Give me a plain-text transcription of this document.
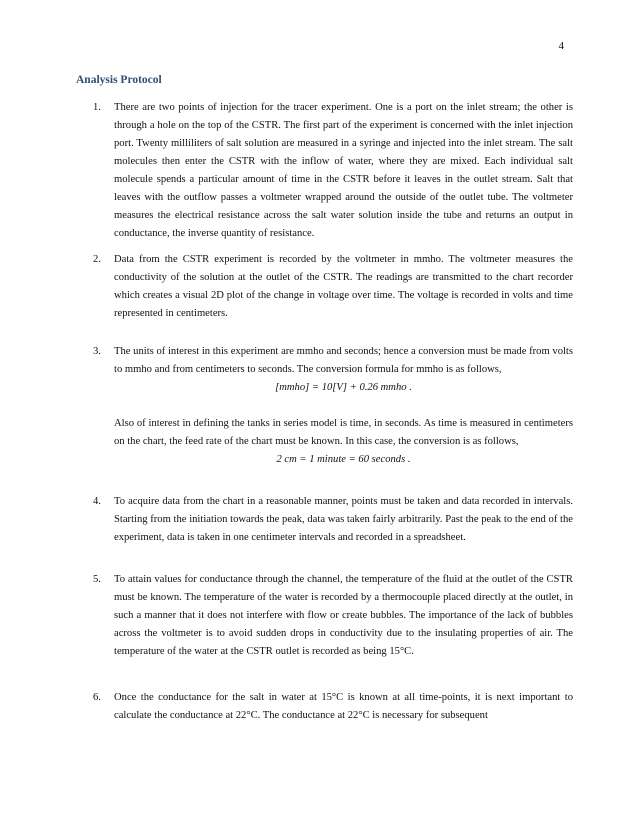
4
Analysis Protocol
1.	There are two points of injection for the tracer experiment. One is a port on the inlet stream; the other is through a hole on the top of the CSTR. The first part of the experiment is concerned with the inlet injection port. Twenty milliliters of salt solution are measured in a syringe and injected into the inlet stream. The salt molecules then enter the CSTR with the inflow of water, where they are mixed. Each individual salt molecule spends a particular amount of time in the CSTR before it leaves in the outlet stream. Salt that leaves with the outflow passes a voltmeter wrapped around the outside of the outlet tube. The voltmeter measures the electrical resistance across the salt water solution inside the tube and returns an output in conductance, the inverse quantity of resistance.

2.	Data from the CSTR experiment is recorded by the voltmeter in mmho. The voltmeter measures the conductivity of the solution at the outlet of the CSTR. The readings are transmitted to the chart recorder which creates a visual 2D plot of the change in voltage over time. The voltage is recorded in volts and time represented in centimeters.

3.	The units of interest in this experiment are mmho and seconds; hence a conversion must be made from volts to mmho and from centimeters to seconds. The conversion formula for mmho is as follows,

[mmho] = 10[V] + 0.26 mmho .

Also of interest in defining the tanks in series model is time, in seconds. As time is measured in centimeters on the chart, the feed rate of the chart must be known. In this case, the conversion is as follows,

2 cm = 1 minute = 60 seconds .

4.	To acquire data from the chart in a reasonable manner, points must be taken and data recorded in intervals. Starting from the initiation towards the peak, data was taken fairly arbitrarily. Past the peak to the end of the experiment, data is taken in one centimeter intervals and recorded in a spreadsheet.

5.	To attain values for conductance through the channel, the temperature of the fluid at the outlet of the CSTR must be known. The temperature of the water is recorded by a thermocouple placed directly at the outlet, in such a manner that it does not interfere with flow or create bubbles. The importance of the lack of bubbles across the voltmeter is to avoid sudden drops in conductivity due to the insulating properties of air. The temperature of the water at the CSTR outlet is recorded as being 15°C.

6.	Once the conductance for the salt in water at 15°C is known at all time-points, it is next important to calculate the conductance at 22°C. The conductance at 22°C is necessary for subsequent
